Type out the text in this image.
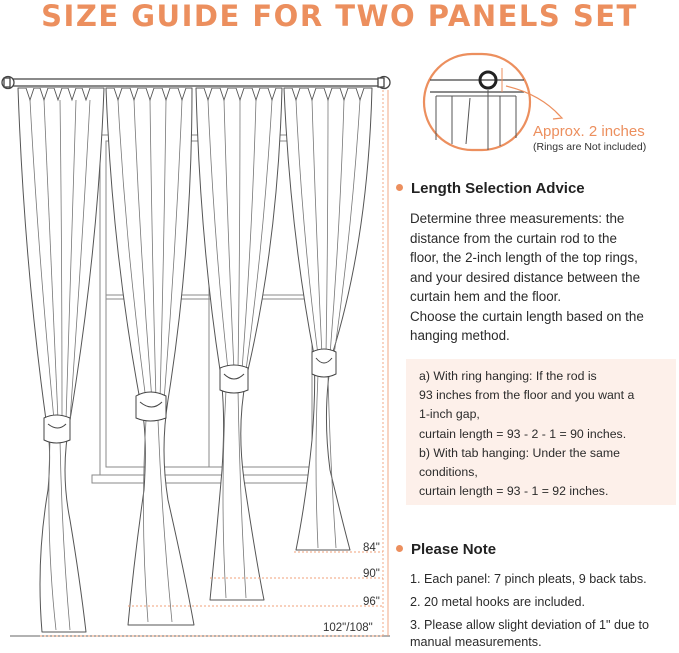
SIZE GUIDE FOR TWO PANELS SET
Approx. 2 inches
(Rings are Not included)
Length Selection Advice
Determine three measurements: the
distance from the curtain rod to the
floor, the 2-inch length of the top rings,
and your desired distance between the
curtain hem and the floor.
Choose the curtain length based on the
hanging method.
a) With ring hanging: If the rod is
93 inches from the floor and you want a
1-inch gap,
curtain length = 93 - 2 - 1 = 90 inches.
b) With tab hanging: Under the same
conditions,
curtain length = 93 - 1 = 92 inches.
Please Note
1. Each panel: 7 pinch pleats, 9 back tabs.
2. 20 metal hooks are included.
3. Please allow slight deviation of 1" due to
manual measurements.
84"
90"
96"
102"/108"
